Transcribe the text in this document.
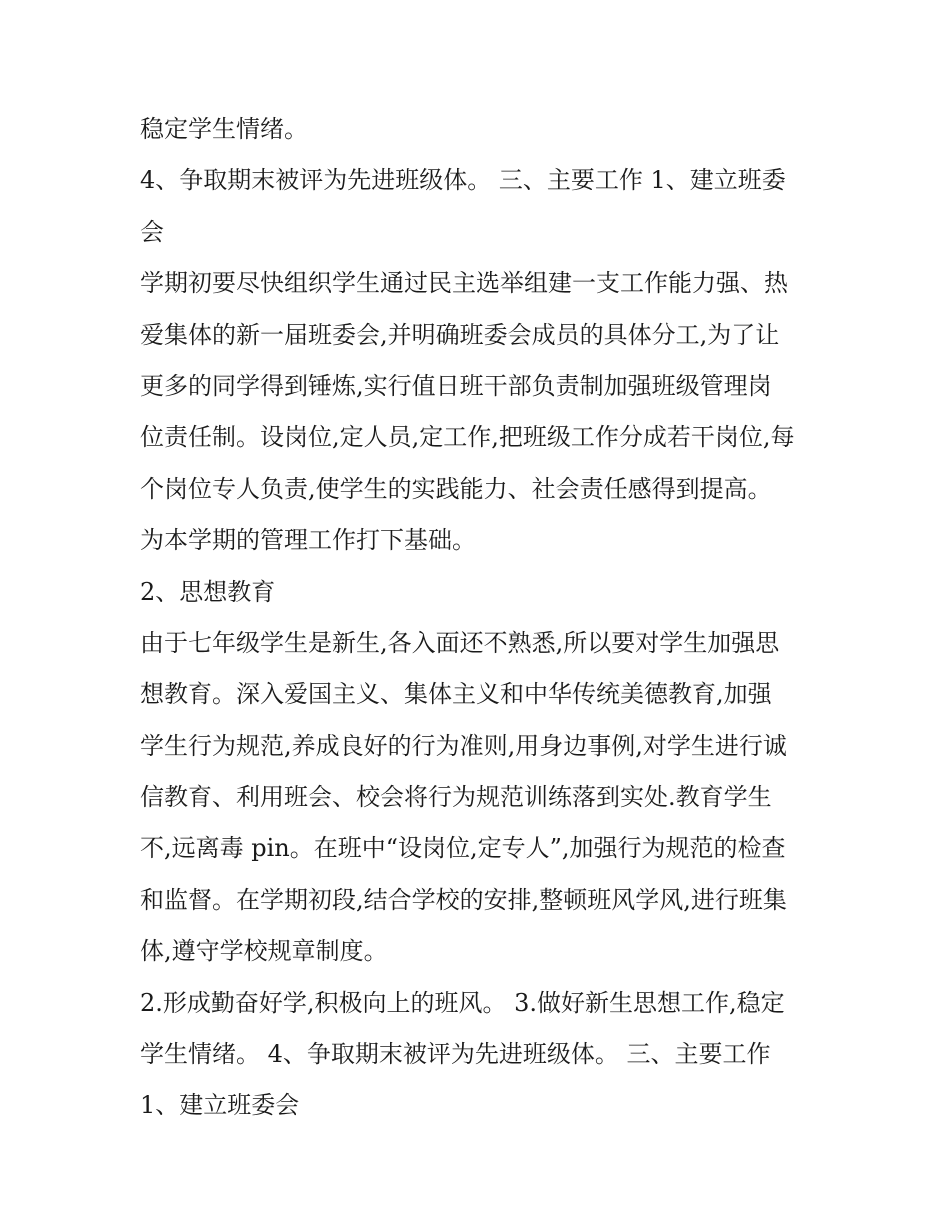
稳定学生情绪。
4、争取期末被评为先进班级体。 三、主要工作 1、建立班委
会
学期初要尽快组织学生通过民主选举组建一支工作能力强、热
爱集体的新一届班委会,并明确班委会成员的具体分工,为了让
更多的同学得到锤炼,实行值日班干部负责制加强班级管理岗
位责任制。设岗位,定人员,定工作,把班级工作分成若干岗位,每
个岗位专人负责,使学生的实践能力、社会责任感得到提高。
为本学期的管理工作打下基础。
2、思想教育
由于七年级学生是新生,各入面还不熟悉,所以要对学生加强思
想教育。深入爱国主义、集体主义和中华传统美德教育,加强
学生行为规范,养成良好的行为准则,用身边事例,对学生进行诚
信教育、利用班会、校会将行为规范训练落到实处.教育学生
不,远离毒 pin。在班中“设岗位,定专人”,加强行为规范的检查
和监督。在学期初段,结合学校的安排,整顿班风学风,进行班集
体,遵守学校规章制度。
2.形成勤奋好学,积极向上的班风。 3.做好新生思想工作,稳定
学生情绪。 4、争取期末被评为先进班级体。 三、主要工作
1、建立班委会
